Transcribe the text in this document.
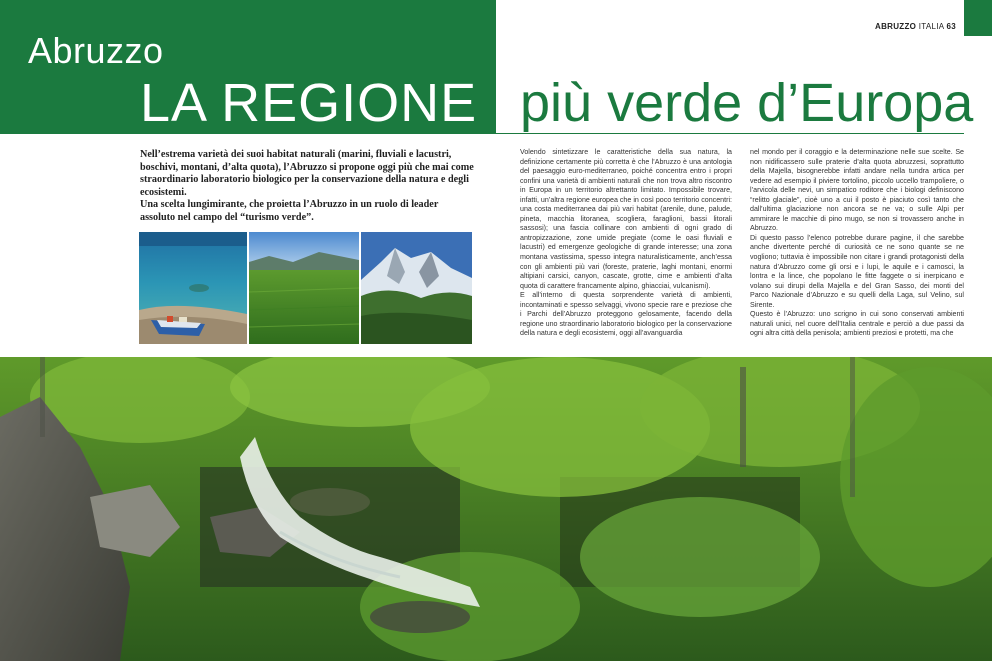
ABRUZZO ITALIA 63
Abruzzo
LA REGIONE più verde d’Europa

Nell’estrema varietà dei suoi habitat naturali (marini, fluviali e lacustri, boschivi, montani, d’alta quota), l’Abruzzo si propone oggi più che mai come straordinario laboratorio biologico per la conservazione della natura e degli ecosistemi.

Una scelta lungimirante, che proietta l’Abruzzo in un ruolo di leader assoluto nel campo del “turismo verde”.

Volendo sintetizzare le caratteristiche della sua natura, la definizione certamente più corretta è che l’Abruzzo è una antologia del paesaggio euro-mediterraneo, poiché concentra entro i propri confini una varietà di ambienti naturali che non trova altro riscontro in Europa in un territorio altrettanto limitato. Impossibile trovare, infatti, un’altra regione europea che in così poco territorio concentri: una costa mediterranea dai più vari habitat (arenile, dune, palude, pineta, macchia litoranea, scogliera, faraglioni, bassi litorali sassosi); una fascia collinare con ambienti di ogni grado di antropizzazione, zone umide pregiate (come le oasi fluviali e lacustri) ed emergenze geologiche di grande interesse; una zona montana vastissima, spesso integra naturalisticamente, anch’essa con gli ambienti più vari (foreste, praterie, laghi montani, enormi altipiani carsici, canyon, cascate, grotte, cime e ambienti d’alta quota di carattere francamente alpino, ghiacciai, vulcanismi).

E all’interno di questa sorprendente varietà di ambienti, incontaminati e spesso selvaggi, vivono specie rare e preziose che i Parchi dell’Abruzzo proteggono gelosamente, facendo della regione uno straordinario laboratorio biologico per la conservazione della natura e degli ecosistemi, oggi all’avanguardia

nel mondo per il coraggio e la determinazione nelle sue scelte. Se non nidificassero sulle praterie d’alta quota abruzzesi, soprattutto della Majella, bisognerebbe infatti andare nella tundra artica per vedere ad esempio il piviere tortolino, piccolo uccello trampoliere, o l’arvicola delle nevi, un simpatico roditore che i biologi definiscono “relitto glaciale”, cioè uno a cui il posto è piaciuto così tanto che dall’ultima glaciazione non ancora se ne va; o sulle Alpi per ammirare le macchie di pino mugo, se non si trovassero anche in Abruzzo.

Di questo passo l’elenco potrebbe durare pagine, il che sarebbe anche divertente perché di curiosità ce ne sono quante se ne vogliono; tuttavia è impossibile non citare i grandi protagonisti della natura d’Abruzzo come gli orsi e i lupi, le aquile e i camosci, la lontra e la lince, che popolano le fitte faggete o si inerpicano e volano sui dirupi della Majella e del Gran Sasso, dei monti del Parco Nazionale d’Abruzzo e su quelli della Laga, sul Velino, sul Sirente.

Questo è l’Abruzzo: uno scrigno in cui sono conservati ambienti naturali unici, nel cuore dell’Italia centrale e perciò a due passi da ogni altra città della penisola; ambienti preziosi e protetti, ma che
